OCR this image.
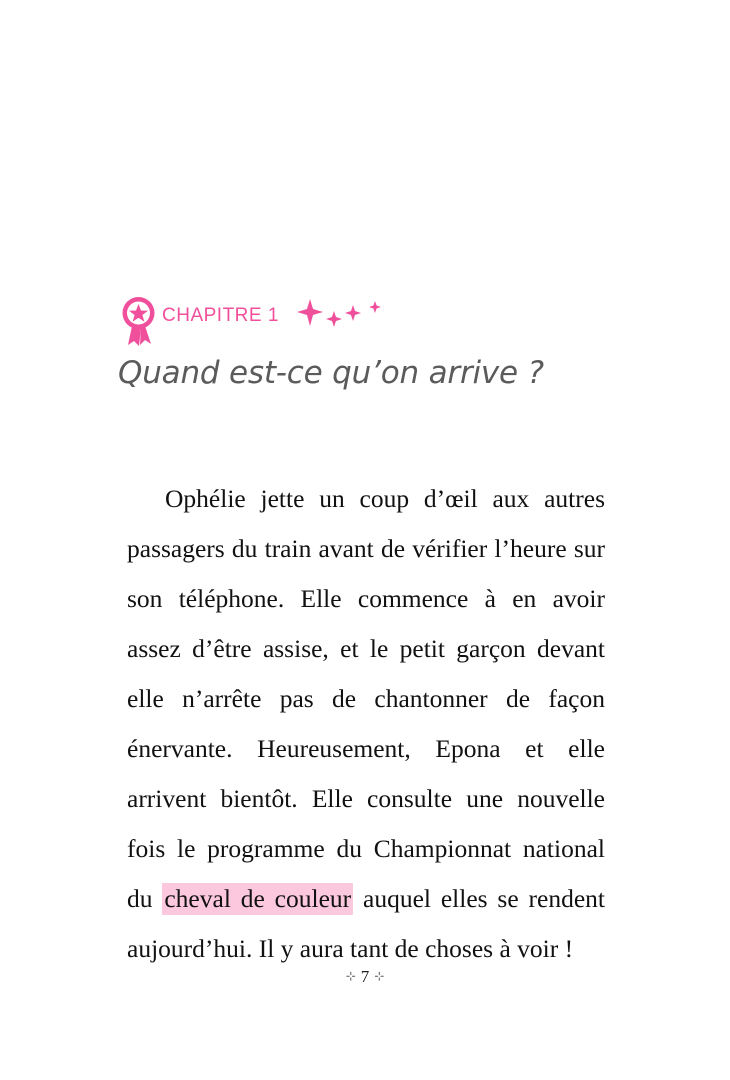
CHAPITRE 1
Quand est-ce qu’on arrive ?
Ophélie jette un coup d’œil aux autres passagers du train avant de vérifier l’heure sur son téléphone. Elle commence à en avoir assez d’être assise, et le petit garçon devant elle n’arrête pas de chantonner de façon énervante. Heureusement, Epona et elle arrivent bientôt. Elle consulte une nouvelle fois le programme du Championnat national du cheval de couleur auquel elles se rendent aujourd’hui. Il y aura tant de choses à voir !
⊹ 7 ⊹
